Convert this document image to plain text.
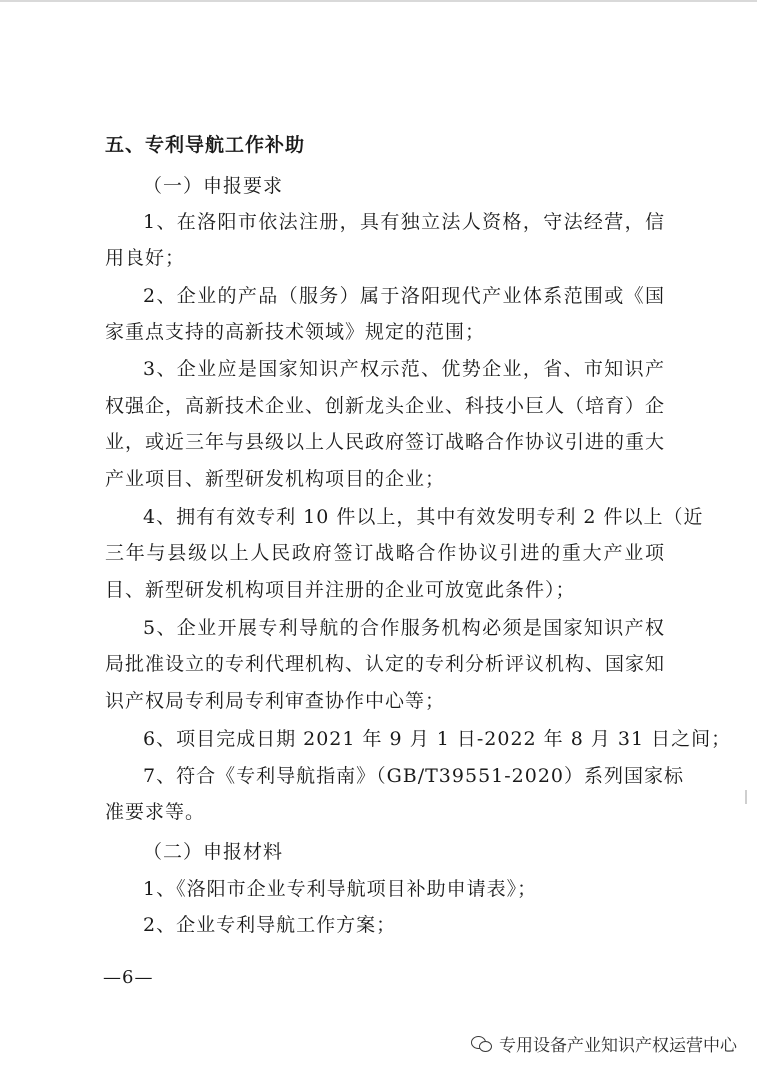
五、专利导航工作补助
（一）申报要求
1、在洛阳市依法注册，具有独立法人资格，守法经营，信
用良好；
2、企业的产品（服务）属于洛阳现代产业体系范围或《国
家重点支持的高新技术领域》规定的范围；
3、企业应是国家知识产权示范、优势企业，省、市知识产
权强企，高新技术企业、创新龙头企业、科技小巨人（培育）企
业，或近三年与县级以上人民政府签订战略合作协议引进的重大
产业项目、新型研发机构项目的企业；
4、拥有有效专利 10 件以上，其中有效发明专利 2 件以上（近
三年与县级以上人民政府签订战略合作协议引进的重大产业项
目、新型研发机构项目并注册的企业可放宽此条件）；
5、企业开展专利导航的合作服务机构必须是国家知识产权
局批准设立的专利代理机构、认定的专利分析评议机构、国家知
识产权局专利局专利审查协作中心等；
6、项目完成日期 2021 年 9 月 1 日-2022 年 8 月 31 日之间；
7、符合《专利导航指南》（GB/T39551-2020）系列国家标
准要求等。
（二）申报材料
1、《洛阳市企业专利导航项目补助申请表》；
2、企业专利导航工作方案；
—6—
专用设备产业知识产权运营中心
